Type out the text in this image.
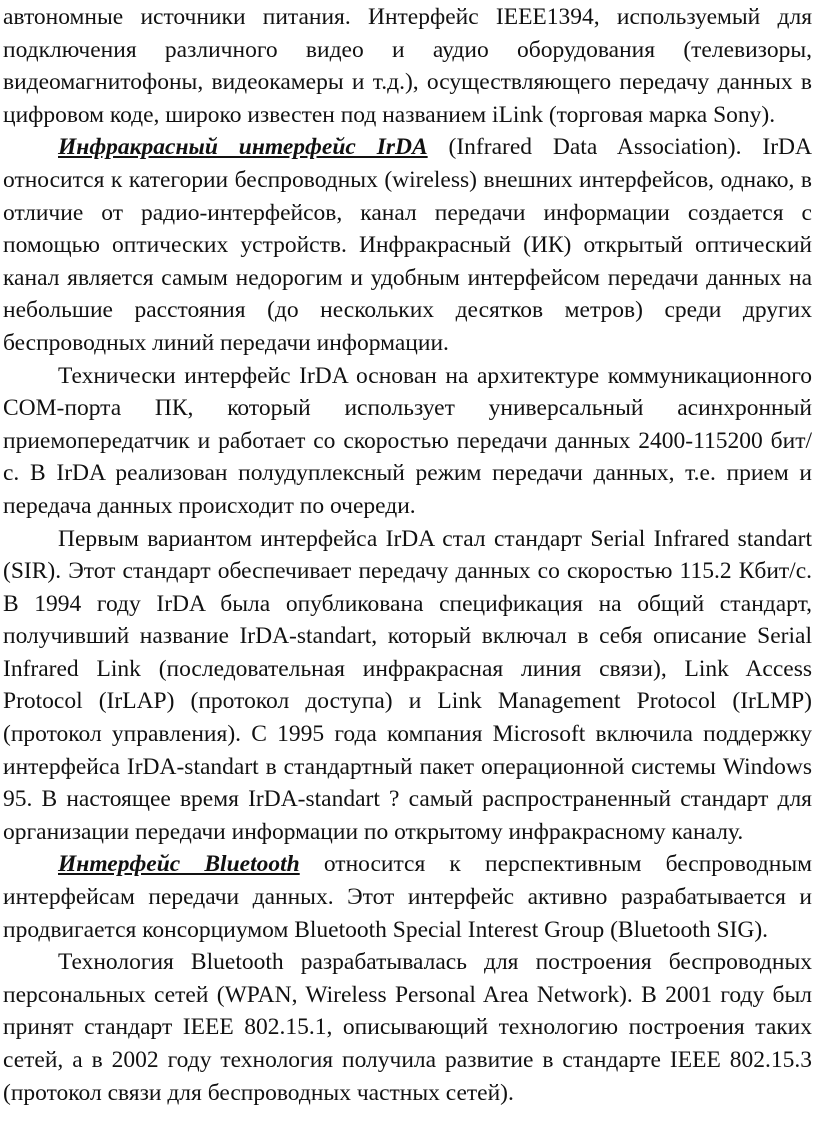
автономные источники питания. Интерфейс IEEE1394, используемый для подключения различного видео и аудио оборудования (телевизоры, видеомагнитофоны, видеокамеры и т.д.), осуществляющего передачу данных в цифровом коде, широко известен под названием iLink (торговая марка Sony).

Инфракрасный интерфейс IrDA (Infrared Data Association). IrDA относится к категории беспроводных (wireless) внешних интерфейсов, однако, в отличие от радио-интерфейсов, канал передачи информации создается с помощью оптических устройств. Инфракрасный (ИК) открытый оптический канал является самым недорогим и удобным интерфейсом передачи данных на небольшие расстояния (до нескольких десятков метров) среди других беспроводных линий передачи информации.

Технически интерфейс IrDA основан на архитектуре коммуникационного COM-порта ПК, который использует универсальный асинхронный приемопередатчик и работает со скоростью передачи данных 2400-115200 бит/с. В IrDA реализован полудуплексный режим передачи данных, т.е. прием и передача данных происходит по очереди.

Первым вариантом интерфейса IrDA стал стандарт Serial Infrared standart (SIR). Этот стандарт обеспечивает передачу данных со скоростью 115.2 Кбит/с. В 1994 году IrDA была опубликована спецификация на общий стандарт, получивший название IrDA-standart, который включал в себя описание Serial Infrared Link (последовательная инфракрасная линия связи), Link Access Protocol (IrLAP) (протокол доступа) и Link Management Protocol (IrLMP) (протокол управления). С 1995 года компания Microsoft включила поддержку интерфейса IrDA-standart в стандартный пакет операционной системы Windows 95. В настоящее время IrDA-standart ? самый распространенный стандарт для организации передачи информации по открытому инфракрасному каналу.

Интерфейс Bluetooth относится к перспективным беспроводным интерфейсам передачи данных. Этот интерфейс активно разрабатывается и продвигается консорциумом Bluetooth Special Interest Group (Bluetooth SIG).

Технология Bluetooth разрабатывалась для построения беспроводных персональных сетей (WPAN, Wireless Personal Area Network). В 2001 году был принят стандарт IEEE 802.15.1, описывающий технологию построения таких сетей, а в 2002 году технология получила развитие в стандарте IEEE 802.15.3 (протокол связи для беспроводных частных сетей).
